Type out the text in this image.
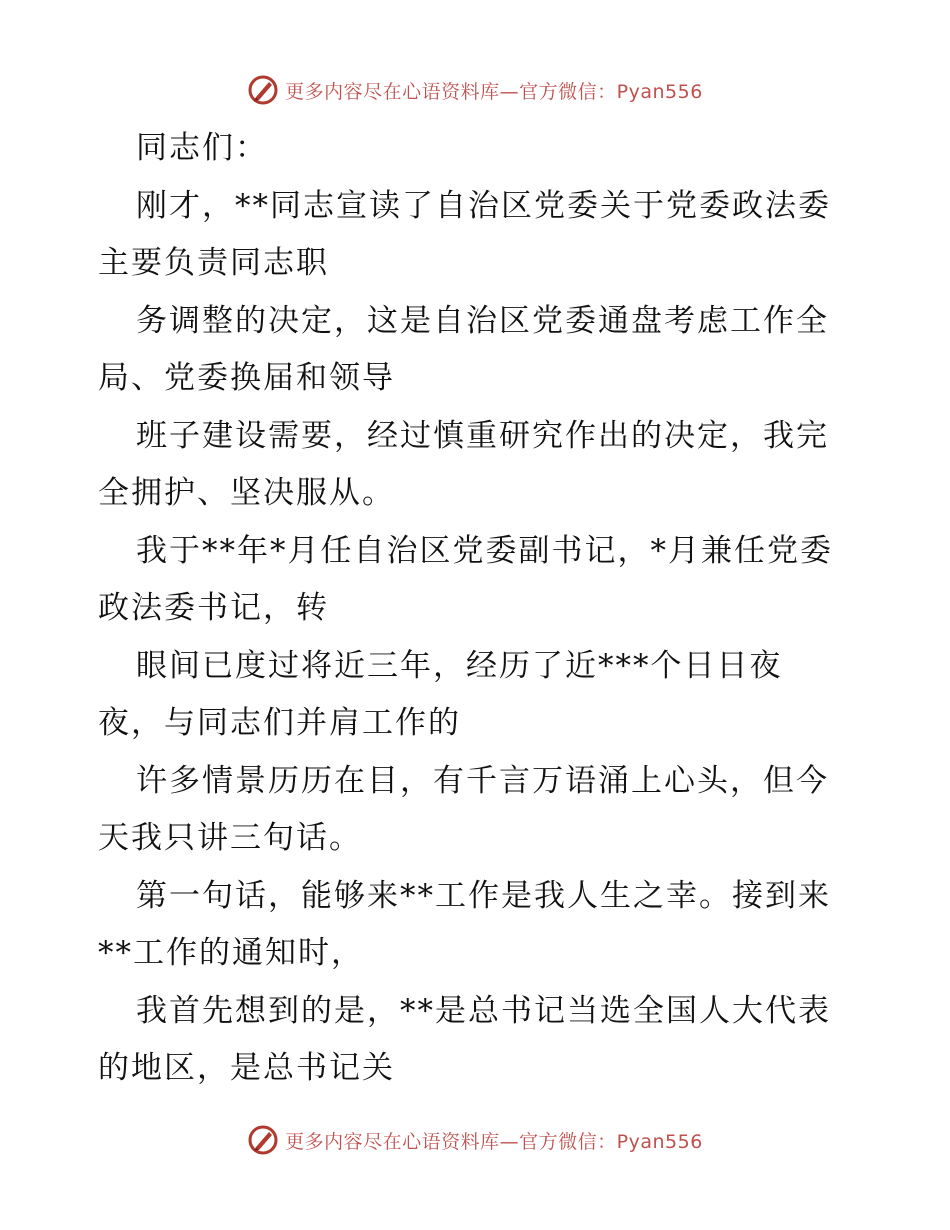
更多内容尽在心语资料库—官方微信：Pyan556
同志们：
刚才，**同志宣读了自治区党委关于党委政法委
主要负责同志职
务调整的决定，这是自治区党委通盘考虑工作全
局、党委换届和领导
班子建设需要，经过慎重研究作出的决定，我完
全拥护、坚决服从。
我于**年*月任自治区党委副书记，*月兼任党委
政法委书记，转
眼间已度过将近三年，经历了近***个日日夜
夜，与同志们并肩工作的
许多情景历历在目，有千言万语涌上心头，但今
天我只讲三句话。
第一句话，能够来**工作是我人生之幸。接到来
**工作的通知时，
我首先想到的是，**是总书记当选全国人大代表
的地区，是总书记关
更多内容尽在心语资料库—官方微信：Pyan556
